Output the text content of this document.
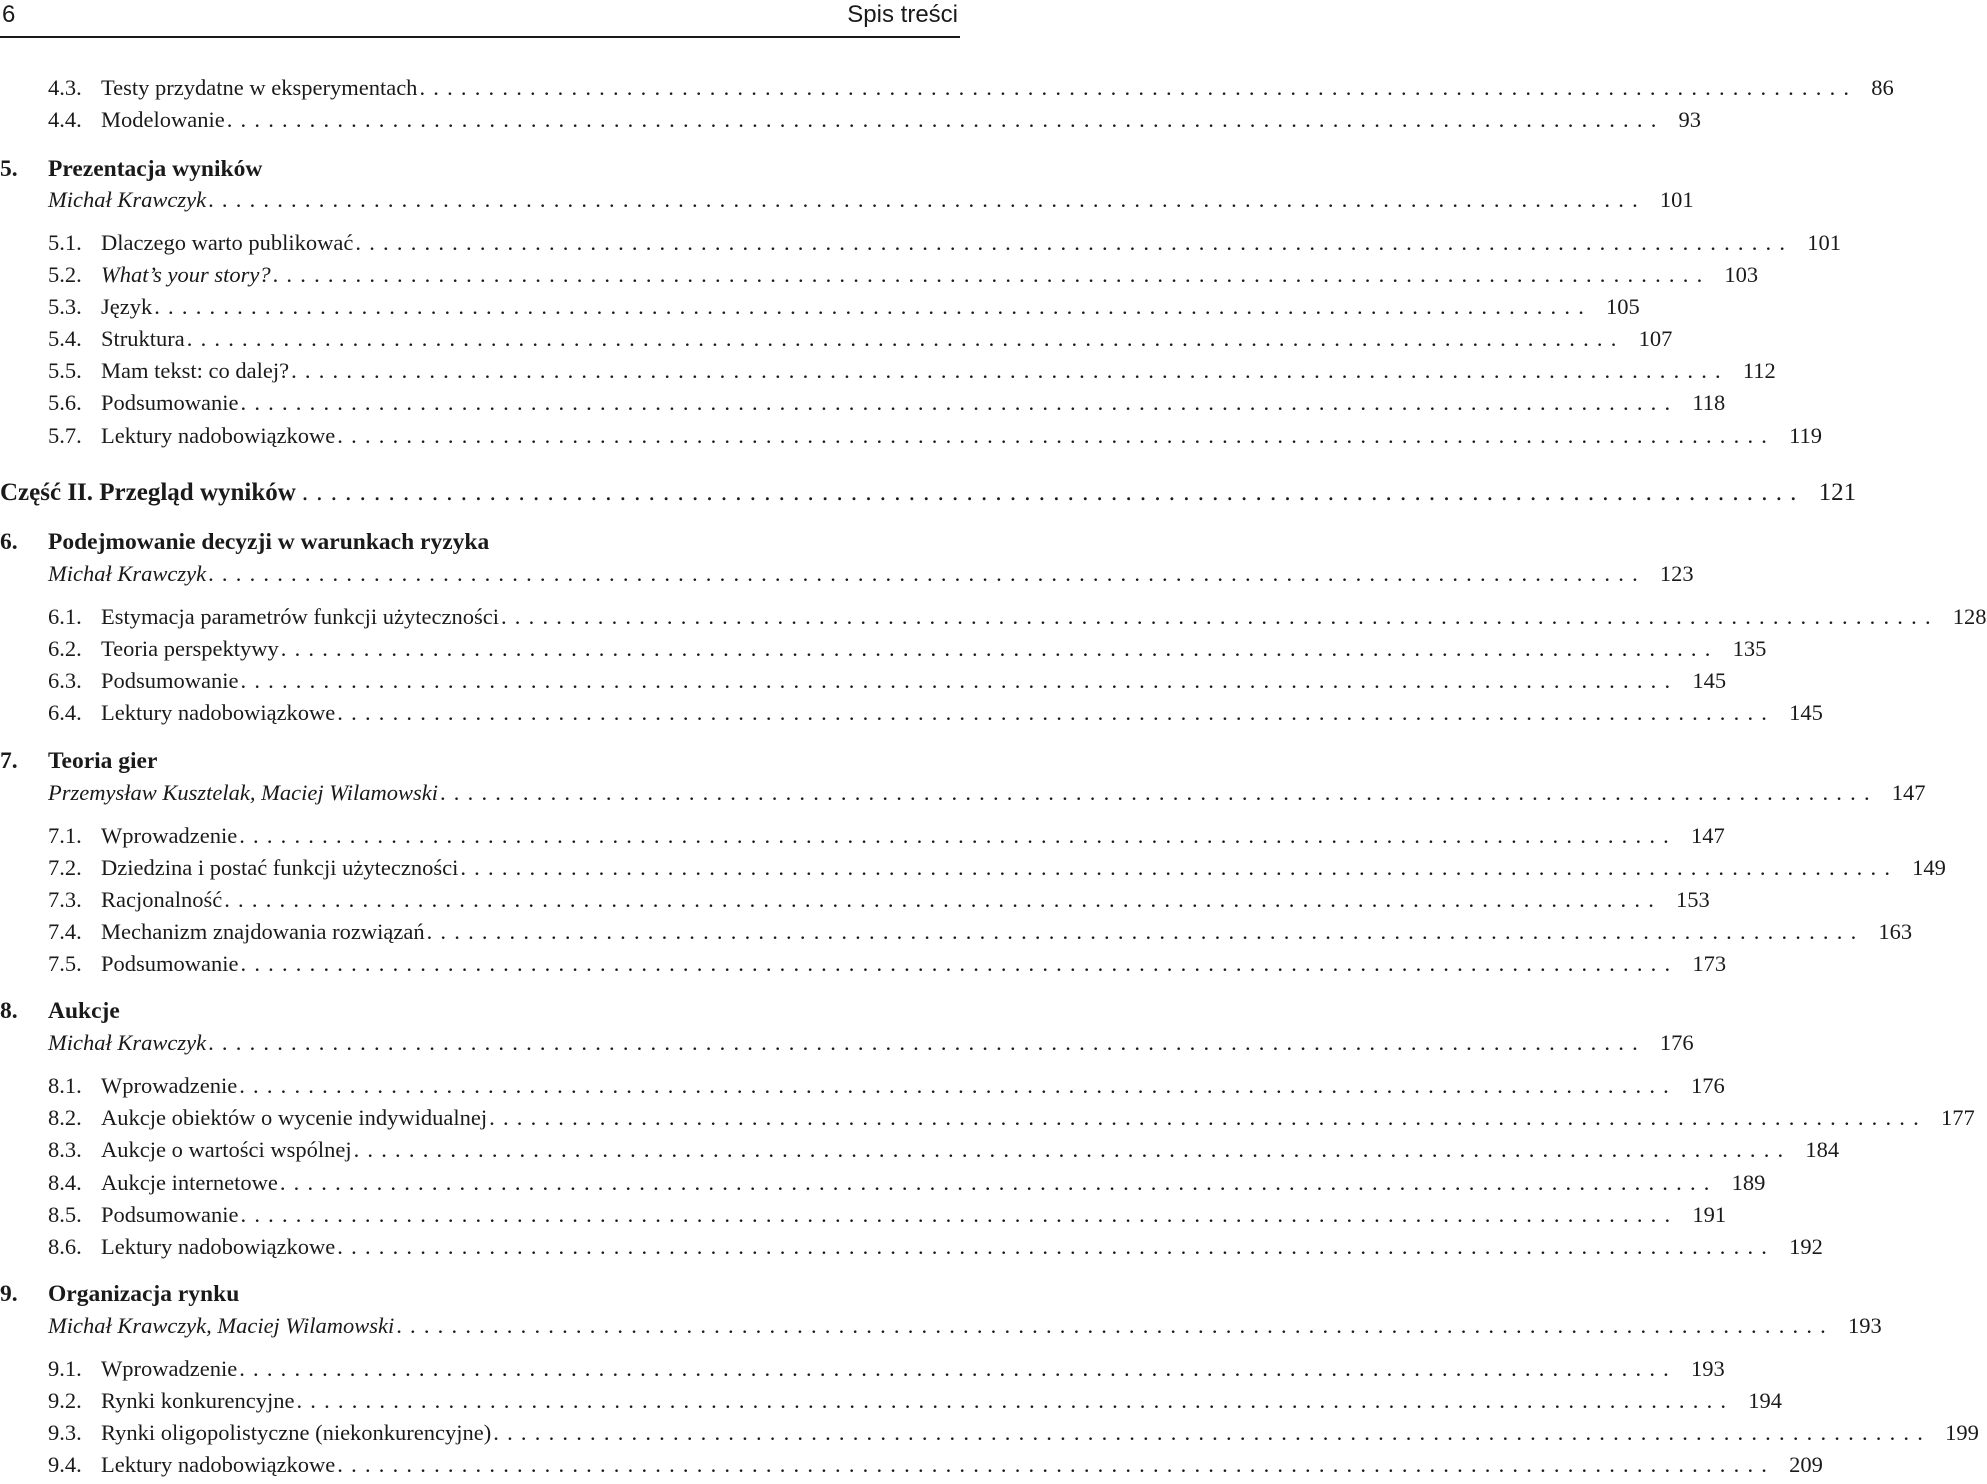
6	Spis treści
4.3. Testy przydatne w eksperymentach ........................................................................................................ 86
4.4. Modelowanie ........................................................................................................ 93
5. Prezentacja wyników
Michał Krawczyk ........................................................................................................ 101
5.1. Dlaczego warto publikować ........................................................................................................ 101
5.2. What’s your story? ........................................................................................................ 103
5.3. Język ........................................................................................................ 105
5.4. Struktura ........................................................................................................ 107
5.5. Mam tekst: co dalej? ........................................................................................................ 112
5.6. Podsumowanie ........................................................................................................ 118
5.7. Lektury nadobowiązkowe ........................................................................................................ 119
Część II. Przegląd wyników ........................................................................................................ 121
6. Podejmowanie decyzji w warunkach ryzyka
Michał Krawczyk ........................................................................................................ 123
6.1. Estymacja parametrów funkcji użyteczności ........................................................................................................ 128
6.2. Teoria perspektywy ........................................................................................................ 135
6.3. Podsumowanie ........................................................................................................ 145
6.4. Lektury nadobowiązkowe ........................................................................................................ 145
7. Teoria gier
Przemysław Kusztelak, Maciej Wilamowski ........................................................................................................ 147
7.1. Wprowadzenie ........................................................................................................ 147
7.2. Dziedzina i postać funkcji użyteczności ........................................................................................................ 149
7.3. Racjonalność ........................................................................................................ 153
7.4. Mechanizm znajdowania rozwiązań ........................................................................................................ 163
7.5. Podsumowanie ........................................................................................................ 173
8. Aukcje
Michał Krawczyk ........................................................................................................ 176
8.1. Wprowadzenie ........................................................................................................ 176
8.2. Aukcje obiektów o wycenie indywidualnej ........................................................................................................ 177
8.3. Aukcje o wartości wspólnej ........................................................................................................ 184
8.4. Aukcje internetowe ........................................................................................................ 189
8.5. Podsumowanie ........................................................................................................ 191
8.6. Lektury nadobowiązkowe ........................................................................................................ 192
9. Organizacja rynku
Michał Krawczyk, Maciej Wilamowski ........................................................................................................ 193
9.1. Wprowadzenie ........................................................................................................ 193
9.2. Rynki konkurencyjne ........................................................................................................ 194
9.3. Rynki oligopolistyczne (niekonkurencyjne) ........................................................................................................ 199
9.4. Lektury nadobowiązkowe ........................................................................................................ 209
